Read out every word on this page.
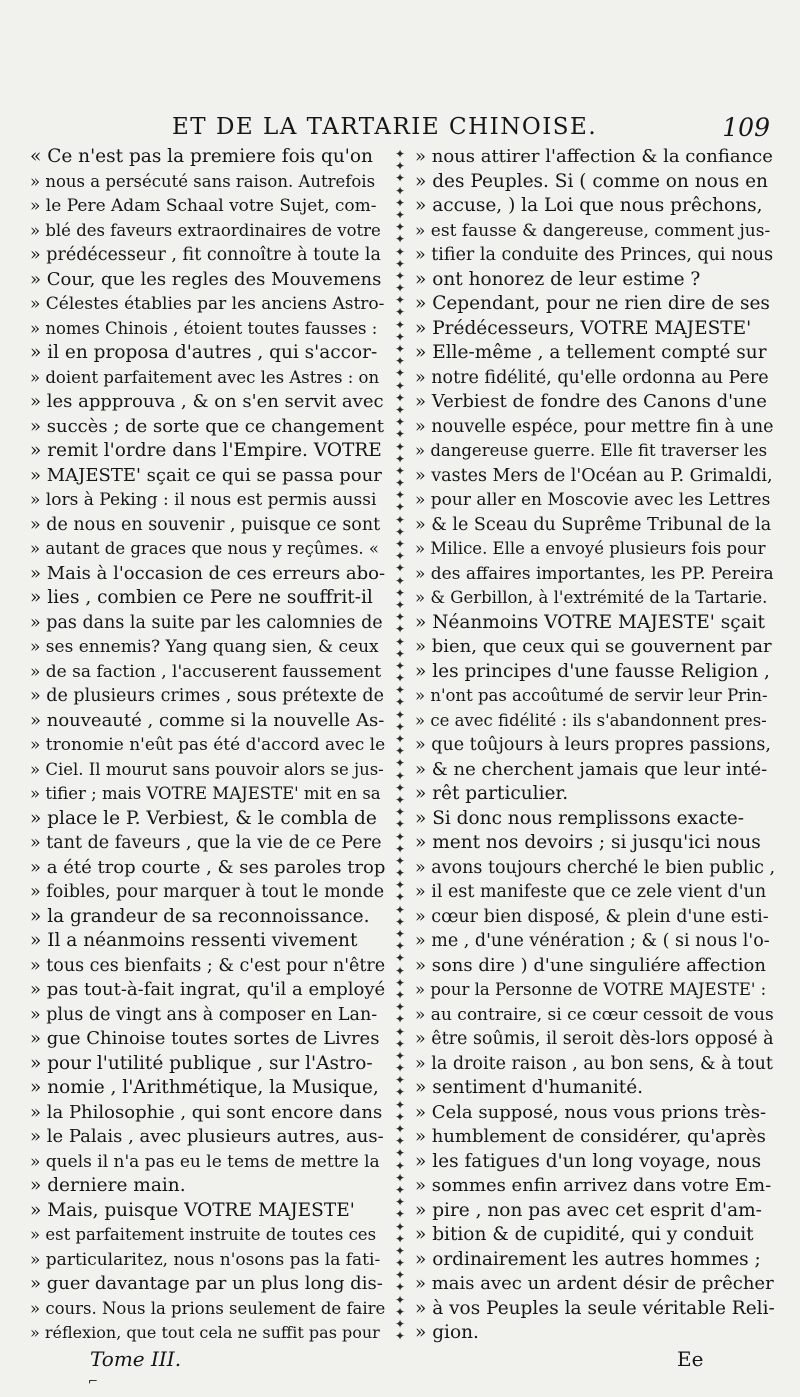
ET DE LA TARTARIE CHINOISE.	109
« Ce n'est pas la premiere fois qu'on
» nous a persécuté sans raison. Autrefois
» le Pere Adam Schaal votre Sujet, com-
» blé des faveurs extraordinaires de votre
» prédécesseur , fit connoître à toute la
» Cour, que les regles des Mouvemens
» Célestes établies par les anciens Astro-
» nomes Chinois , étoient toutes fausses :
» il en proposa d'autres , qui s'accor-
» doient parfaitement avec les Astres : on
» les appprouva , & on s'en servit avec
» succès ; de sorte que ce changement
» remit l'ordre dans l'Empire. VOTRE
» MAJESTE' sçait ce qui se passa pour
» lors à Peking : il nous est permis aussi
» de nous en souvenir , puisque ce sont
» autant de graces que nous y reçûmes. «
» Mais à l'occasion de ces erreurs abo-
» lies , combien ce Pere ne souffrit-il
» pas dans la suite par les calomnies de
» ses ennemis? Yang quang sien, & ceux
» de sa faction , l'accuserent faussement
» de plusieurs crimes , sous prétexte de
» nouveauté , comme si la nouvelle As-
» tronomie n'eût pas été d'accord avec le
» Ciel. Il mourut sans pouvoir alors se jus-
» tifier ; mais VOTRE MAJESTE' mit en sa
» place le P. Verbiest, & le combla de
» tant de faveurs , que la vie de ce Pere
» a été trop courte , & ses paroles trop
» foibles, pour marquer à tout le monde
» la grandeur de sa reconnoissance.
» Il a néanmoins ressenti vivement
» tous ces bienfaits ; & c'est pour n'être
» pas tout-à-fait ingrat, qu'il a employé
» plus de vingt ans à composer en Lan-
» gue Chinoise toutes sortes de Livres
» pour l'utilité publique , sur l'Astro-
» nomie , l'Arithmétique, la Musique,
» la Philosophie , qui sont encore dans
» le Palais , avec plusieurs autres, aus-
» quels il n'a pas eu le tems de mettre la
» derniere main.
» Mais, puisque VOTRE MAJESTE'
» est parfaitement instruite de toutes ces
» particularitez, nous n'osons pas la fati-
» guer davantage par un plus long dis-
» cours. Nous la prions seulement de faire
» réflexion, que tout cela ne suffit pas pour
✦
✦
✦
✦
✦
✦
✦
✦
✦
✦
✦
✦
✦
✦
✦
✦
✦
✦
✦
✦
✦
✦
✦
✦
✦
✦
✦
✦
✦
✦
✦
✦
✦
✦
✦
✦
✦
✦
✦
✦
✦
✦
✦
✦
✦
✦
✦
✦
✦
✦
✦
✦
✦
✦
✦
✦
✦
✦
✦
✦
✦
✦
✦
✦
✦
✦
✦
✦
✦
✦
✦
✦
✦
✦
✦
✦
✦
✦
✦
✦
✦
✦
✦
✦
✦
✦
✦
✦
✦
✦
✦
✦
✦
✦
✦
✦
✦
✦
» nous attirer l'affection & la confiance
» des Peuples. Si ( comme on nous en
» accuse, ) la Loi que nous prêchons,
» est fausse & dangereuse, comment jus-
» tifier la conduite des Princes, qui nous
» ont honorez de leur estime ?
» Cependant, pour ne rien dire de ses
» Prédécesseurs, VOTRE MAJESTE'
» Elle-même , a tellement compté sur
» notre fidélité, qu'elle ordonna au Pere
» Verbiest de fondre des Canons d'une
» nouvelle espéce, pour mettre fin à une
» dangereuse guerre. Elle fit traverser les
» vastes Mers de l'Océan au P. Grimaldi,
» pour aller en Moscovie avec les Lettres
» & le Sceau du Suprême Tribunal de la
» Milice. Elle a envoyé plusieurs fois pour
» des affaires importantes, les PP. Pereira
» & Gerbillon, à l'extrémité de la Tartarie.
» Néanmoins VOTRE MAJESTE' sçait
» bien, que ceux qui se gouvernent par
» les principes d'une fausse Religion ,
» n'ont pas accoûtumé de servir leur Prin-
» ce avec fidélité : ils s'abandonnent pres-
» que toûjours à leurs propres passions,
» & ne cherchent jamais que leur inté-
» rêt particulier.
» Si donc nous remplissons exacte-
» ment nos devoirs ; si jusqu'ici nous
» avons toujours cherché le bien public ,
» il est manifeste que ce zele vient d'un
» cœur bien disposé, & plein d'une esti-
» me , d'une vénération ; & ( si nous l'o-
» sons dire ) d'une singuliére affection
» pour la Personne de VOTRE MAJESTE' :
» au contraire, si ce cœur cessoit de vous
» être soûmis, il seroit dès-lors opposé à
» la droite raison , au bon sens, & à tout
» sentiment d'humanité.
» Cela supposé, nous vous prions très-
» humblement de considérer, qu'après
» les fatigues d'un long voyage, nous
» sommes enfin arrivez dans votre Em-
» pire , non pas avec cet esprit d'am-
» bition & de cupidité, qui y conduit
» ordinairement les autres hommes ;
» mais avec un ardent désir de prêcher
» à vos Peuples la seule véritable Reli-
» gion.
Tome III.	Ee
⌐
